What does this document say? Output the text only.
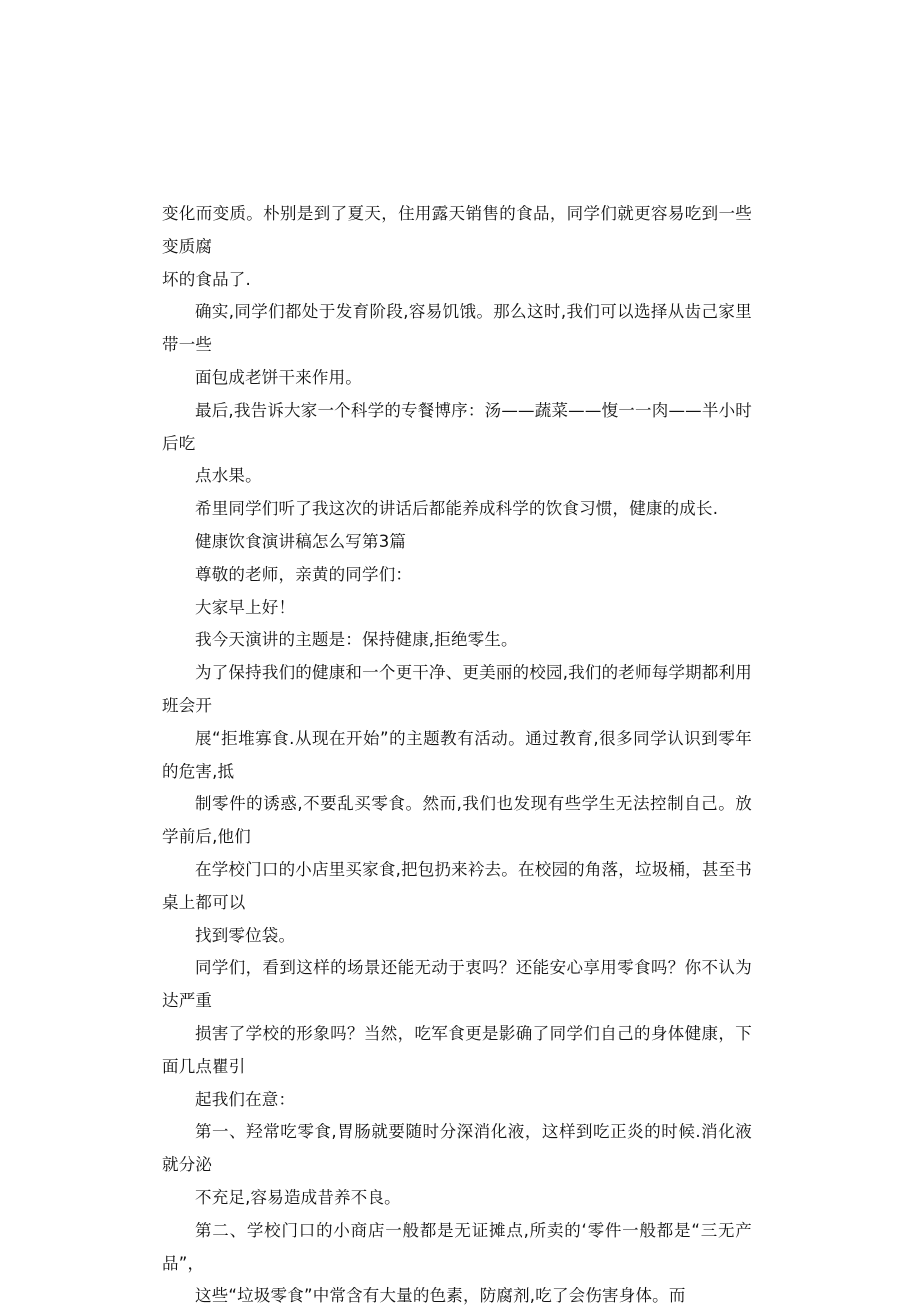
变化而变质。朴别是到了夏天，住用露天销售的食品，同学们就更容易吃到一些变质腐
坏的食品了.

确实,同学们都处于发育阶段,容易饥饿。那么这时,我们可以选择从齿己家里带一些
面包成老饼干来作用。

最后,我告诉大家一个科学的专餐博序：汤——蔬菜——愎一一肉——半小时后吃
点水果。

希里同学们听了我这次的讲话后都能养成科学的饮食习惯，健康的成长.

健康饮食演讲稿怎么写第3篇

尊敬的老师，亲黄的同学们：

大家早上好！

我今天演讲的主题是：保持健康,拒绝零生。

为了保持我们的健康和一个更干净、更美丽的校园,我们的老师每学期都利用班会开
展“拒堆寡食.从现在开始”的主题教有活动。通过教育,很多同学认识到零年的危害,抵
制零件的诱惑,不要乱买零食。然而,我们也发现有些学生无法控制自己。放学前后,他们
在学校门口的小店里买家食,把包扔来衿去。在校园的角落，垃圾桶，甚至书桌上都可以
找到零位袋。

同学们，看到这样的场景还能无动于衷吗？还能安心享用零食吗？你不认为达严重
损害了学校的形象吗？当然，吃军食更是影确了同学们自己的身体健康，下面几点瞿引
起我们在意：

第一、羟常吃零食,胃肠就要随时分深消化液，这样到吃正炎的时候.消化液就分泌
不充足,容易造成昔养不良。

第二、学校门口的小商店一般都是无证摊点,所卖的‘零件一般都是“三无产品”，
这些“垃圾零食”中常含有大量的色素，防腐剂,吃了会伤害身体。而
